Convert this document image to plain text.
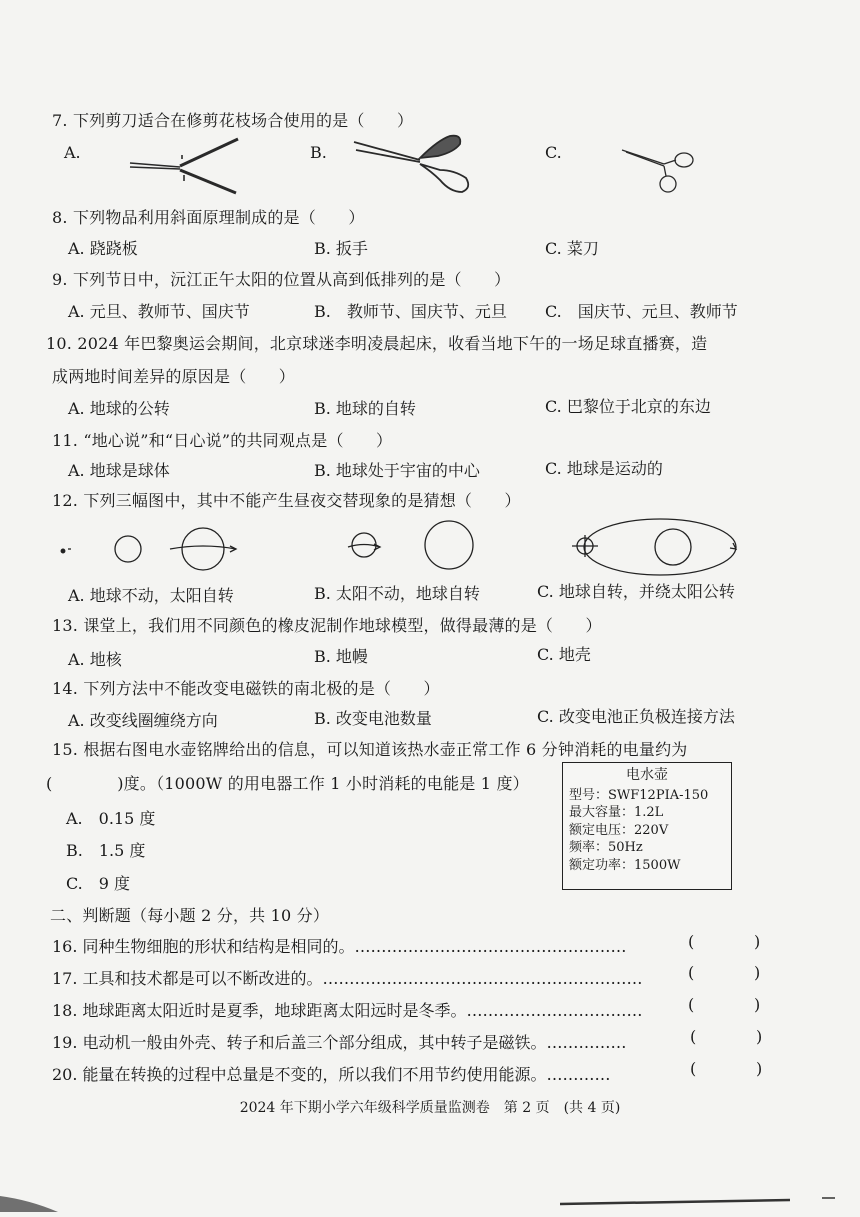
7. 下列剪刀适合在修剪花枝场合使用的是（　　）
A.	B.	C.
8. 下列物品利用斜面原理制成的是（　　）
A. 跷跷板	B. 扳手	C. 菜刀
9. 下列节日中，沅江正午太阳的位置从高到低排列的是（　　）
A. 元旦、教师节、国庆节	B.　教师节、国庆节、元旦 C.　国庆节、元旦、教师节
10. 2024 年巴黎奥运会期间，北京球迷李明凌晨起床，收看当地下午的一场足球直播赛，造
成两地时间差异的原因是（　　）
A. 地球的公转	B. 地球的自转	C. 巴黎位于北京的东边
11. “地心说”和“日心说”的共同观点是（　　）
A. 地球是球体	B. 地球处于宇宙的中心	C. 地球是运动的
12. 下列三幅图中，其中不能产生昼夜交替现象的是猜想（　　）
A. 地球不动，太阳自转	B. 太阳不动，地球自转	C. 地球自转，并绕太阳公转
13. 课堂上，我们用不同颜色的橡皮泥制作地球模型，做得最薄的是（　　）
A. 地核	B. 地幔	C. 地壳
14. 下列方法中不能改变电磁铁的南北极的是（　　）
A. 改变线圈缠绕方向	B. 改变电池数量	C. 改变电池正负极连接方法
15. 根据右图电水壶铭牌给出的信息，可以知道该热水壶正常工作 6 分钟消耗的电量约为
(　　　　)度。（1000W 的用电器工作 1 小时消耗的电能是 1 度）
A.　0.15 度
B.　1.5 度
C.　9 度
电水壶
型号：SWF12PIA-150
最大容量：1.2L
额定电压：220V
频率：50Hz
额定功率：1500W
二、判断题（每小题 2 分，共 10 分）
16. 同种生物细胞的形状和结构是相同的。……………………………………………	(	)
17. 工具和技术都是可以不断改进的。……………………………………………………	(	)
18. 地球距离太阳近时是夏季，地球距离太阳远时是冬季。……………………………	(	)
19. 电动机一般由外壳、转子和后盖三个部分组成，其中转子是磁铁。……………	(	)
20. 能量在转换的过程中总量是不变的，所以我们不用节约使用能源。…………	(	)
2024 年下期小学六年级科学质量监测卷　第 2 页　(共 4 页)
